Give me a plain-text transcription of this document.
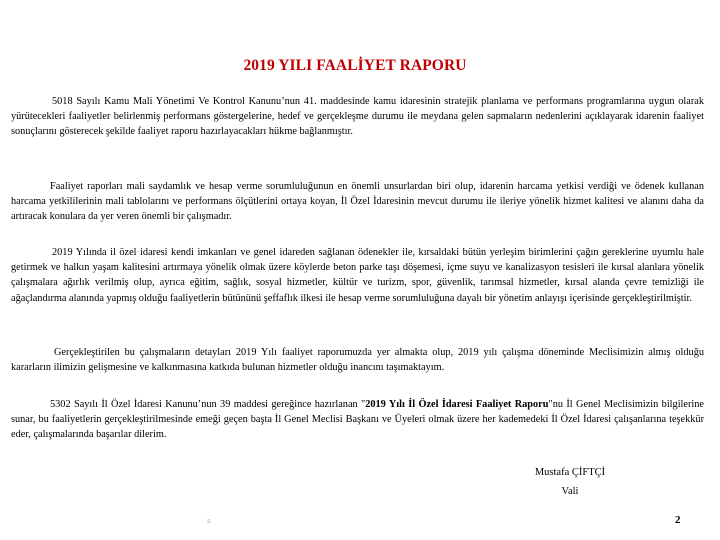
2019 YILI FAALİYET RAPORU

5018 Sayılı Kamu Mali Yönetimi Ve Kontrol Kanunu’nun 41. maddesinde kamu idaresinin stratejik planlama ve performans programlarına uygun olarak yürütecekleri faaliyetler belirlenmiş performans göstergelerine, hedef ve gerçekleşme durumu ile meydana gelen sapmaların nedenlerini açıklayarak idarenin faaliyet sonuçlarını gösterecek şekilde faaliyet raporu hazırlayacakları hükme bağlanmıştır.

Faaliyet raporları mali saydamlık ve hesap verme sorumluluğunun en önemli unsurlardan biri olup, idarenin harcama yetkisi verdiği ve ödenek kullanan harcama yetkililerinin mali tablolarını ve performans ölçütlerini ortaya koyan, İl Özel İdaresinin mevcut durumu ile ileriye yönelik hizmet kalitesi ve alanını daha da artıracak konulara da yer veren önemli bir çalışmadır.

2019 Yılında il özel idaresi kendi imkanları ve genel idareden sağlanan ödenekler ile, kırsaldaki bütün yerleşim birimlerini çağın gereklerine uyumlu hale getirmek ve halkın yaşam kalitesini artırmaya yönelik olmak üzere köylerde beton parke taşı döşemesi, içme suyu ve kanalizasyon tesisleri ile kırsal alanlara yönelik çalışmalara ağırlık verilmiş olup, ayrıca eğitim, sağlık, sosyal hizmetler, kültür ve turizm, spor, güvenlik, tarımsal hizmetler, kırsal alanda çevre temizliği ile ağaçlandırma alanında yapmış olduğu faaliyetlerin bütününü şeffaflık ilkesi ile hesap verme sorumluluğuna dayalı bir yönetim anlayışı içerisinde gerçekleştirilmiştir.

Gerçekleştirilen bu çalışmaların detayları 2019 Yılı faaliyet raporumuzda yer almakta olup, 2019 yılı çalışma döneminde Meclisimizin almış olduğu kararların ilimizin gelişmesine ve kalkınmasına katkıda bulunan hizmetler olduğu inancını taşımaktayım.

5302 Sayılı İl Özel İdaresi Kanunu’nun 39 maddesi gereğince hazırlanan "2019 Yılı İl Özel İdaresi Faaliyet Raporu"nu İl Genel Meclisimizin bilgilerine sunar, bu faaliyetlerin gerçekleştirilmesinde emeği geçen başta İl Genel Meclisi Başkanı ve Üyeleri olmak üzere her kademedeki İl Özel İdaresi çalışanlarına teşekkür eder, çalışmalarında başarılar dilerim.

Mustafa ÇİFTÇİ
Vali
s	2
